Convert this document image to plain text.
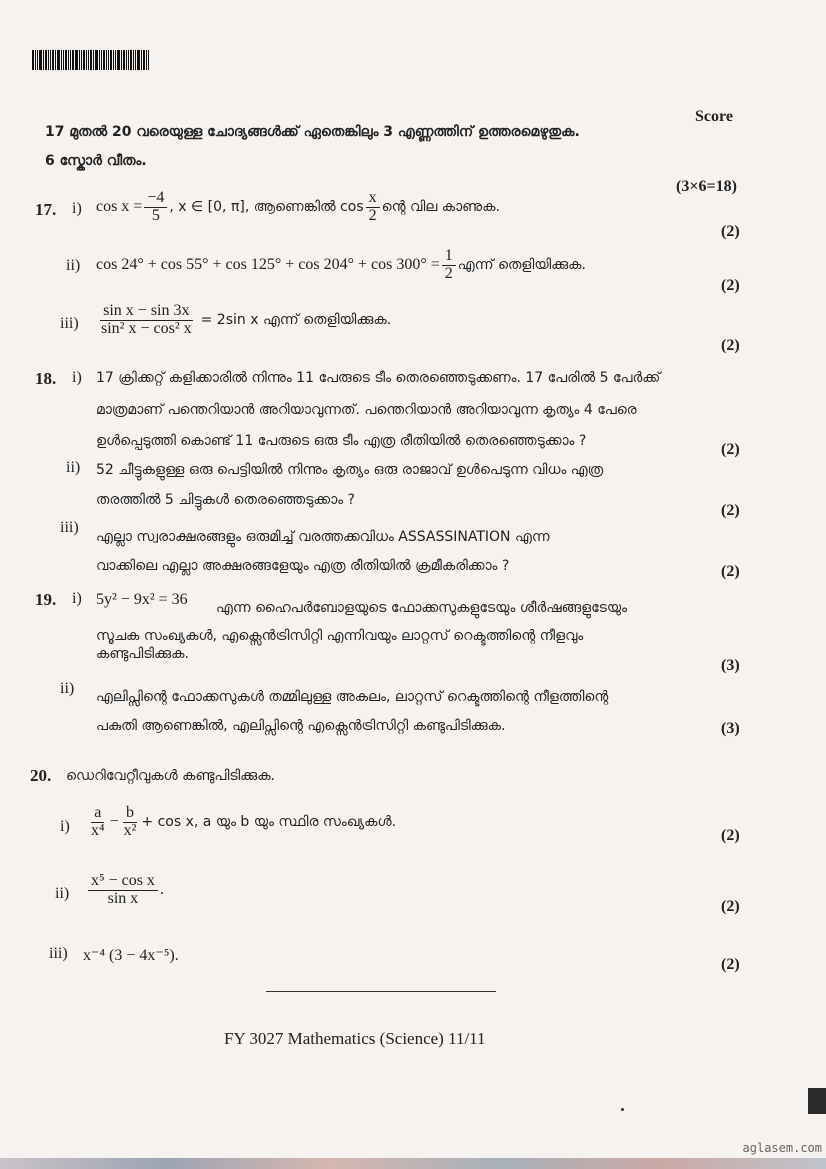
Score
17 മുതൽ 20 വരെയുള്ള ചോദ്യങ്ങൾക്ക് ഏതെങ്കിലും 3 എണ്ണത്തിന് ഉത്തരമെഴുതുക.
6 സ്കോർ വീതം.
(3×6=18)
17. i) $\cos x = \frac{-4}{5}$ , x ∈ [0, π], ആണെങ്കിൽ $\cos \frac{x}{2}$ ന്റെ വില കാണുക.
(2)
ii) $\cos 24^\circ + \cos 55^\circ + \cos 125^\circ + \cos 204^\circ + \cos 300^\circ = \frac{1}{2}$ എന്ന് തെളിയിക്കുക.
(2)
$iii) \frac{\text{sin x − sin 3x}}{\text{sin² x − cos² x}} = 2\sin$ x എന്ന് തെളിയിക്കുക.
(2)
18. i) 17 ക്രിക്കറ്റ് കളിക്കാരിൽ നിന്നും 11 പേരുടെ ടീം തെരഞ്ഞെടുക്കണം. 17 പേരിൽ 5 പേർക്ക്
മാത്രമാണ് പന്തെറിയാൻ അറിയാവുന്നത്. പന്തെറിയാൻ അറിയാവുന്ന കൃത്യം 4 പേരെ
ഉൾപ്പെടുത്തി കൊണ്ട് 11 പേരുടെ ഒരു ടീം എത്ര രീതിയിൽ തെരഞ്ഞെടുക്കാം ?	(2)
ii) 52 ചീട്ടുകളുള്ള ഒരു പെട്ടിയിൽ നിന്നും കൃത്യം ഒരു രാജാവ് ഉൾപെടുന്ന വിധം എത്ര
തരത്തിൽ 5 ചിട്ടുകൾ തെരഞ്ഞെടുക്കാം ?
(2)
iii)
എല്ലാ സ്വരാക്ഷരങ്ങളും ഒരുമിച്ച് വരത്തക്കവിധം ASSASSINATION എന്ന
വാക്കിലെ എല്ലാ അക്ഷരങ്ങളേയും എത്ര രീതിയിൽ ക്രമീകരിക്കാം ?	(2)
19. i) 5y² − 9x² = 36 എന്ന ഹൈപർബോളയുടെ ഫോക്കസുകളുടേയും ശീർഷങ്ങളുടേയും
സൂചക സംഖ്യകൾ, എക്സെൻട്രിസിറ്റി എന്നിവയും ലാറ്റസ് റെക്ടത്തിന്റെ നീളവും
കണ്ടുപിടിക്കുക.
(3)
ii) എലിപ്സിന്റെ ഫോക്കസുകൾ തമ്മിലുള്ള അകലം, ലാറ്റസ് റെക്ടത്തിന്റെ നീളത്തിന്റെ
പകുതി ആണെങ്കിൽ, എലിപ്സിന്റെ എക്സെൻട്രിസിറ്റി കണ്ടുപിടിക്കുക.	(3)
20. ഡെറിവേറ്റീവുകൾ കണ്ടുപിടിക്കുക.
$i) \frac{a}{\text{x⁴}} - \frac{b}{\text{x²}} + \cos x$, a യും b യും സ്ഥിര സംഖ്യകൾ.
(2)
$ii) \frac{\text{x⁵ − cos x}}{\text{sin x}}$ .
(2)
iii) x⁻⁴ (3 − 4x⁻⁵).
(2)
FY 3027 Mathematics (Science) 11/11
aglasem.com
